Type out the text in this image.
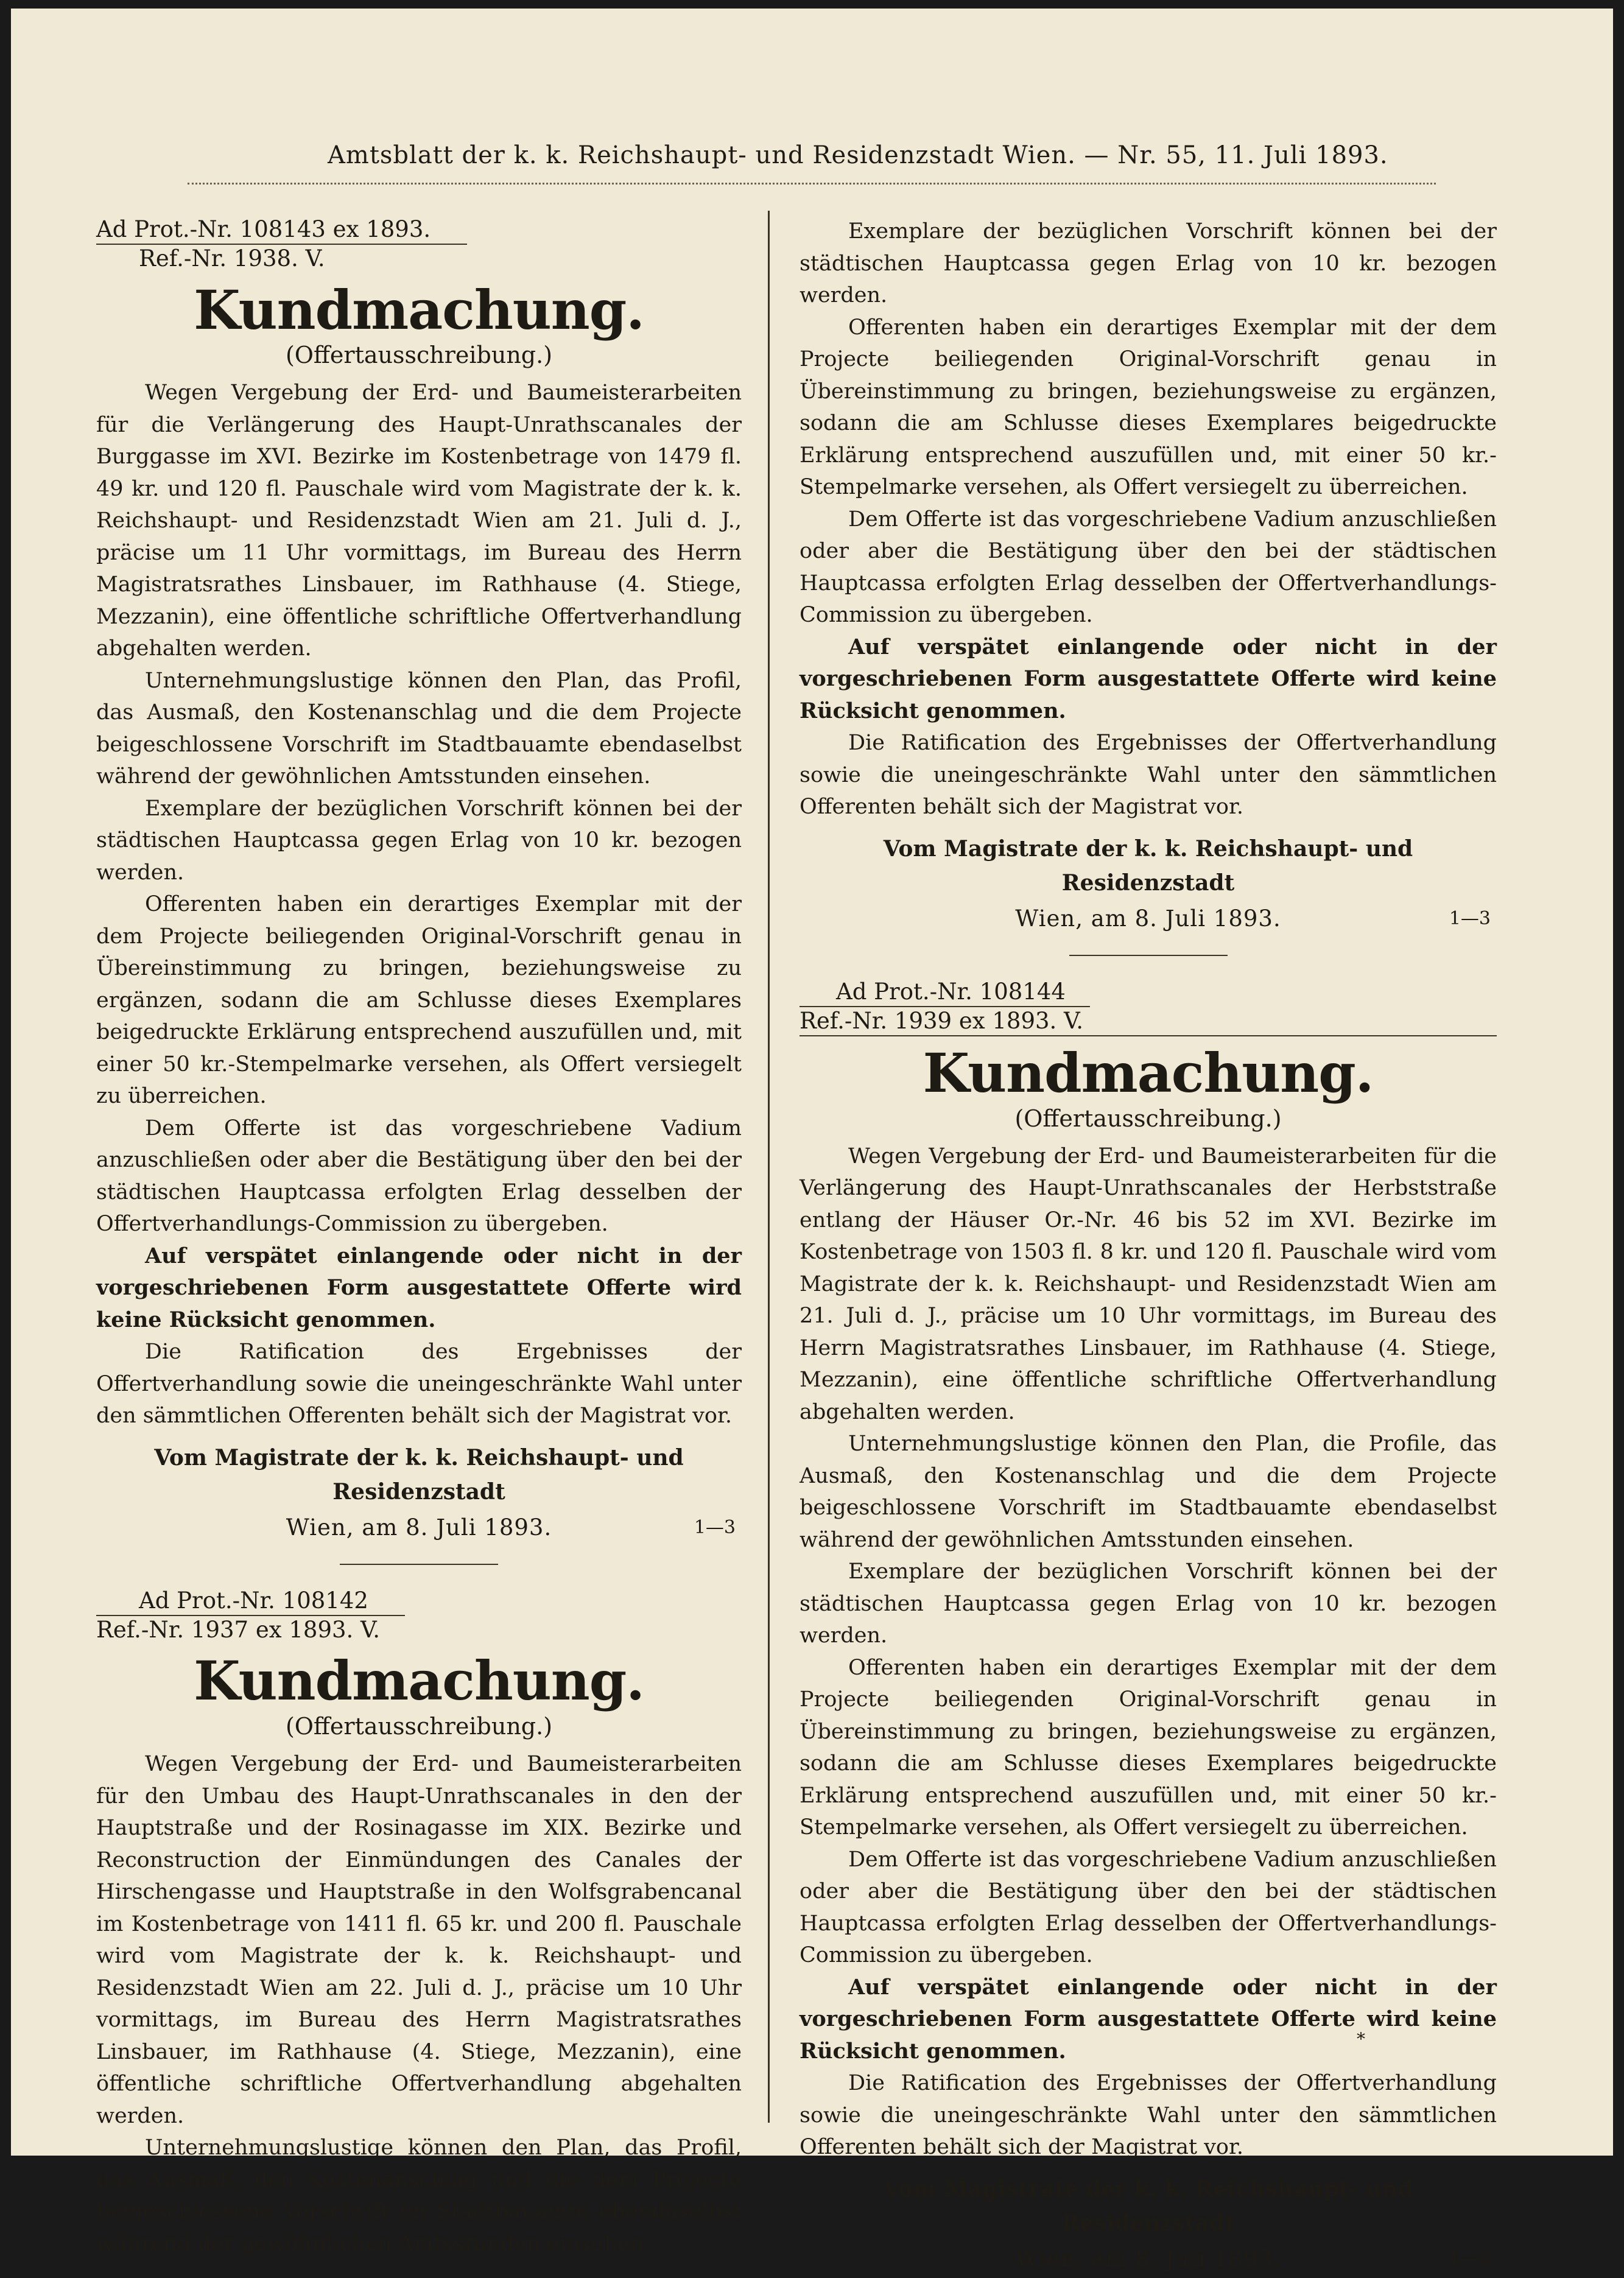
Amtsblatt der k. k. Reichshaupt- und Residenzstadt Wien. — Nr. 55, 11. Juli 1893.
Ad Prot.-Nr. 108143 ex 1893.
Ref.-Nr. 1938. V.
Kundmachung.
(Offertausschreibung.)

Wegen Vergebung der Erd- und Baumeisterarbeiten für die Verlängerung des Haupt-Unrathscanales der Burggasse im XVI. Bezirke im Kostenbetrage von 1479 fl. 49 kr. und 120 fl. Pauschale wird vom Magistrate der k. k. Reichshaupt- und Residenzstadt Wien am 21. Juli d. J., präcise um 11 Uhr vormittags, im Bureau des Herrn Magistratsrathes Linsbauer, im Rathhause (4. Stiege, Mezzanin), eine öffentliche schriftliche Offertverhandlung abgehalten werden.

Unternehmungslustige können den Plan, das Profil, das Ausmaß, den Kostenanschlag und die dem Projecte beigeschlossene Vorschrift im Stadtbauamte ebendaselbst während der gewöhnlichen Amtsstunden einsehen.

Exemplare der bezüglichen Vorschrift können bei der städtischen Hauptcassa gegen Erlag von 10 kr. bezogen werden.

Offerenten haben ein derartiges Exemplar mit der dem Projecte beiliegenden Original-Vorschrift genau in Übereinstimmung zu bringen, beziehungsweise zu ergänzen, sodann die am Schlusse dieses Exemplares beigedruckte Erklärung entsprechend auszufüllen und, mit einer 50 kr.-Stempelmarke versehen, als Offert versiegelt zu überreichen.

Dem Offerte ist das vorgeschriebene Vadium anzuschließen oder aber die Bestätigung über den bei der städtischen Hauptcassa erfolgten Erlag desselben der Offertverhandlungs-Commission zu übergeben.

Auf verspätet einlangende oder nicht in der vorgeschriebenen Form ausgestattete Offerte wird keine Rücksicht genommen.

Die Ratification des Ergebnisses der Offertverhandlung sowie die uneingeschränkte Wahl unter den sämmtlichen Offerenten behält sich der Magistrat vor.

Vom Magistrate der k. k. Reichshaupt- und Residenzstadt
Wien, am 8. Juli 1893.	1—3
Ad Prot.-Nr. 108142
Ref.-Nr. 1937 ex 1893. V.
Kundmachung.
(Offertausschreibung.)

Wegen Vergebung der Erd- und Baumeisterarbeiten für den Umbau des Haupt-Unrathscanales in den der Hauptstraße und der Rosinagasse im XIX. Bezirke und Reconstruction der Einmündungen des Canales der Hirschengasse und Hauptstraße in den Wolfsgrabencanal im Kostenbetrage von 1411 fl. 65 kr. und 200 fl. Pauschale wird vom Magistrate der k. k. Reichshaupt- und Residenzstadt Wien am 22. Juli d. J., präcise um 10 Uhr vormittags, im Bureau des Herrn Magistratsrathes Linsbauer, im Rathhause (4. Stiege, Mezzanin), eine öffentliche schriftliche Offertverhandlung abgehalten werden.

Unternehmungslustige können den Plan, das Profil, das Ausmaß, den Kostenanschlag und die dem Projecte beigeschlossene Vorschrift im Stadtbauamte ebendaselbst während der gewöhnlichen Amtsstunden einsehen.

Exemplare der bezüglichen Vorschrift können bei der städtischen Hauptcassa gegen Erlag von 10 kr. bezogen werden.

Offerenten haben ein derartiges Exemplar mit der dem Projecte beiliegenden Original-Vorschrift genau in Übereinstimmung zu bringen, beziehungsweise zu ergänzen, sodann die am Schlusse dieses Exemplares beigedruckte Erklärung entsprechend auszufüllen und, mit einer 50 kr.-Stempelmarke versehen, als Offert versiegelt zu überreichen.

Dem Offerte ist das vorgeschriebene Vadium anzuschließen oder aber die Bestätigung über den bei der städtischen Hauptcassa erfolgten Erlag desselben der Offertverhandlungs-Commission zu übergeben.

Auf verspätet einlangende oder nicht in der vorgeschriebenen Form ausgestattete Offerte wird keine Rücksicht genommen.

Die Ratification des Ergebnisses der Offertverhandlung sowie die uneingeschränkte Wahl unter den sämmtlichen Offerenten behält sich der Magistrat vor.

Vom Magistrate der k. k. Reichshaupt- und Residenzstadt
Wien, am 8. Juli 1893.	1—3
Ad Prot.-Nr. 108144
Ref.-Nr. 1939 ex 1893. V.
Kundmachung.
(Offertausschreibung.)

Wegen Vergebung der Erd- und Baumeisterarbeiten für die Verlängerung des Haupt-Unrathscanales der Herbststraße entlang der Häuser Or.-Nr. 46 bis 52 im XVI. Bezirke im Kostenbetrage von 1503 fl. 8 kr. und 120 fl. Pauschale wird vom Magistrate der k. k. Reichshaupt- und Residenzstadt Wien am 21. Juli d. J., präcise um 10 Uhr vormittags, im Bureau des Herrn Magistratsrathes Linsbauer, im Rathhause (4. Stiege, Mezzanin), eine öffentliche schriftliche Offertverhandlung abgehalten werden.

Unternehmungslustige können den Plan, die Profile, das Ausmaß, den Kostenanschlag und die dem Projecte beigeschlossene Vorschrift im Stadtbauamte ebendaselbst während der gewöhnlichen Amtsstunden einsehen.

Exemplare der bezüglichen Vorschrift können bei der städtischen Hauptcassa gegen Erlag von 10 kr. bezogen werden.

Offerenten haben ein derartiges Exemplar mit der dem Projecte beiliegenden Original-Vorschrift genau in Übereinstimmung zu bringen, beziehungsweise zu ergänzen, sodann die am Schlusse dieses Exemplares beigedruckte Erklärung entsprechend auszufüllen und, mit einer 50 kr.-Stempelmarke versehen, als Offert versiegelt zu überreichen.

Dem Offerte ist das vorgeschriebene Vadium anzuschließen oder aber die Bestätigung über den bei der städtischen Hauptcassa erfolgten Erlag desselben der Offertverhandlungs-Commission zu übergeben.

Auf verspätet einlangende oder nicht in der vorgeschriebenen Form ausgestattete Offerte wird keine Rücksicht genommen.

Die Ratification des Ergebnisses der Offertverhandlung sowie die uneingeschränkte Wahl unter den sämmtlichen Offerenten behält sich der Magistrat vor.

Vom Magistrate der k. k. Reichshaupt- und Residenzstadt
Wien, am 8. Juli 1893.	1—3
*
